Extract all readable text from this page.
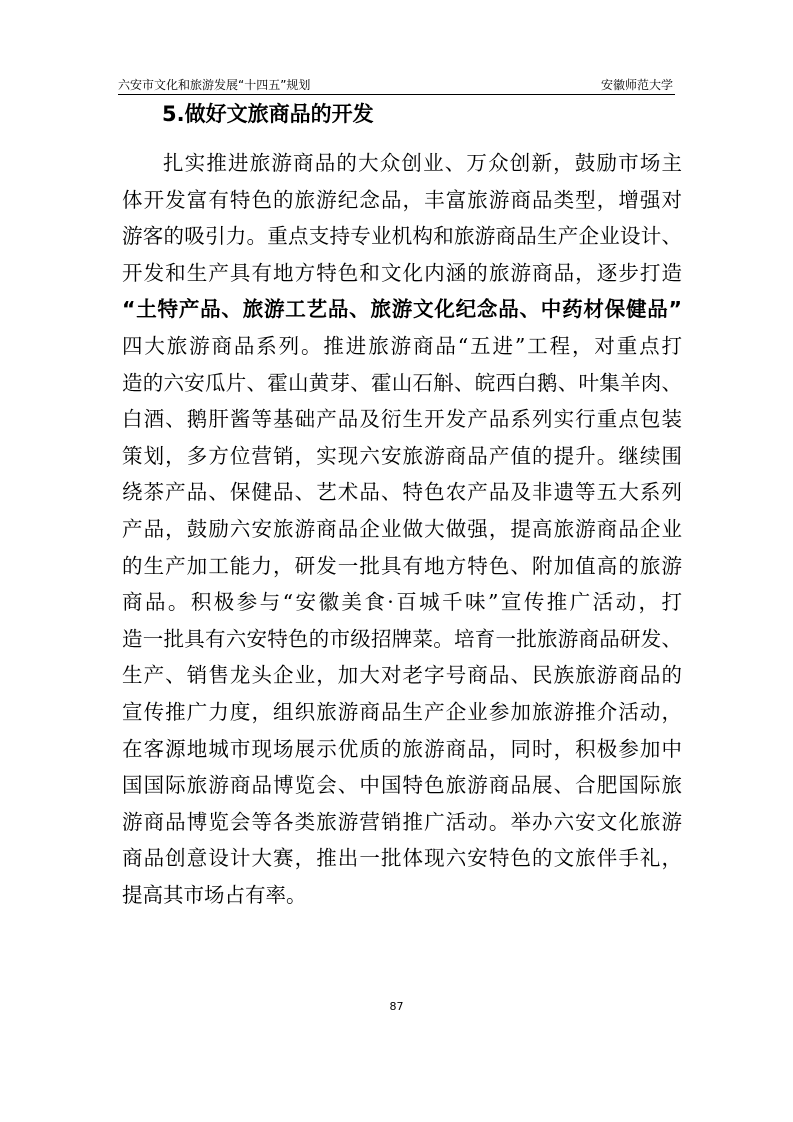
六安市文化和旅游发展“十四五”规划	安徽师范大学
5.做好文旅商品的开发
扎实推进旅游商品的大众创业、万众创新，鼓励市场主
体开发富有特色的旅游纪念品，丰富旅游商品类型，增强对
游客的吸引力。重点支持专业机构和旅游商品生产企业设计、
开发和生产具有地方特色和文化内涵的旅游商品，逐步打造
“土特产品、旅游工艺品、旅游文化纪念品、中药材保健品”
四大旅游商品系列。推进旅游商品“五进”工程，对重点打
造的六安瓜片、霍山黄芽、霍山石斛、皖西白鹅、叶集羊肉、
白酒、鹅肝酱等基础产品及衍生开发产品系列实行重点包装
策划，多方位营销，实现六安旅游商品产值的提升。继续围
绕茶产品、保健品、艺术品、特色农产品及非遗等五大系列
产品，鼓励六安旅游商品企业做大做强，提高旅游商品企业
的生产加工能力，研发一批具有地方特色、附加值高的旅游
商品。积极参与“安徽美食·百城千味”宣传推广活动，打
造一批具有六安特色的市级招牌菜。培育一批旅游商品研发、
生产、销售龙头企业，加大对老字号商品、民族旅游商品的
宣传推广力度，组织旅游商品生产企业参加旅游推介活动，
在客源地城市现场展示优质的旅游商品，同时，积极参加中
国国际旅游商品博览会、中国特色旅游商品展、合肥国际旅
游商品博览会等各类旅游营销推广活动。举办六安文化旅游
商品创意设计大赛，推出一批体现六安特色的文旅伴手礼，
提高其市场占有率。
87
